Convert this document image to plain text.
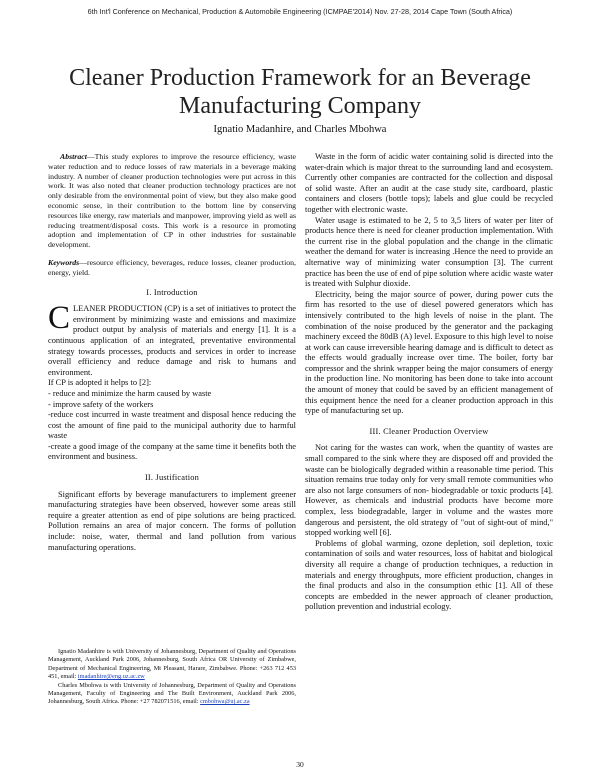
6th Int'l Conference on Mechanical, Production & Automobile Engineering (ICMPAE'2014) Nov. 27-28, 2014 Cape Town (South Africa)
Cleaner Production Framework for an Beverage Manufacturing Company
Ignatio Madanhire, and Charles Mbohwa

Abstract—This study explores to improve the resource efficiency, waste water reduction and to reduce losses of raw materials in a beverage making industry. A number of cleaner production technologies were put across in this work. It was also noted that cleaner production technology practices are not only desirable from the environmental point of view, but they also make good economic sense, in their contribution to the bottom line by conserving resources like energy, raw materials and manpower, improving yield as well as reducing treatment/disposal costs. This work is a resource in promoting adoption and implementation of CP in other industries for sustainable development.

Keywords—resource efficiency, beverages, reduce losses, cleaner production, energy, yield.

I. Introduction

CLEANER PRODUCTION (CP) is a set of initiatives to protect the environment by minimizing waste and emissions and maximize product output by analysis of materials and energy [1]. It is a continuous application of an integrated, preventative environmental strategy towards processes, products and services in order to increase overall efficiency and reduce damage and risk to humans and environment.

If CP is adopted it helps to [2]:
- reduce and minimize the harm caused by waste
- improve safety of the workers
-reduce cost incurred in waste treatment and disposal hence reducing the cost the amount of fine paid to the municipal authority due to harmful waste
-create a good image of the company at the same time it benefits both the environment and business.
II. Justification

Significant efforts by beverage manufacturers to implement greener manufacturing strategies have been observed, however some areas still require a greater attention as end of pipe solutions are being practiced. Pollution remains an area of major concern. The forms of pollution include: noise, water, thermal and land pollution from various manufacturing operations.

Ignatio Madanhire is with University of Johannesburg, Department of Quality and Operations Management, Auckland Park 2006, Johannesburg, South Africa OR University of Zimbabwe, Department of Mechanical Engineering, Mt Pleasant, Harare, Zimbabwe. Phone: +263 712 453 451, email: imadanhire@eng.uz.ac.zw

Charles Mbohwa is with University of Johannesburg, Department of Quality and Operations Management, Faculty of Engineering and The Built Environment, Auckland Park 2006, Johannesburg, South Africa. Phone: +27 782071516, email: cmbohwa@uj.ac.za

Waste in the form of acidic water containing solid is directed into the water-drain which is major threat to the surrounding land and ecosystem. Currently other companies are contracted for the collection and disposal of solid waste. After an audit at the case study site, cardboard, plastic containers and closers (bottle tops); labels and glue could be recycled together with electronic waste.

Water usage is estimated to be 2, 5 to 3,5 liters of water per liter of products hence there is need for cleaner production implementation. With the current rise in the global population and the change in the climatic weather the demand for water is increasing .Hence the need to provide an alternative way of minimizing water consumption [3]. The current practice has been the use of end of pipe solution where acidic waste water is treated with Sulphur dioxide.

Electricity, being the major source of power, during power cuts the firm has resorted to the use of diesel powered generators which has intensively contributed to the high levels of noise in the plant. The combination of the noise produced by the generator and the packaging machinery exceed the 80dB (A) level. Exposure to this high level to noise at work can cause irreversible hearing damage and is difficult to detect as the effects would gradually increase over time. The boiler, forty bar compressor and the shrink wrapper being the major consumers of energy in the production line. No monitoring has been done to take into account the amount of money that could be saved by an efficient management of this equipment hence the need for a cleaner production approach in this type of manufacturing set up.

III. Cleaner Production Overview

Not caring for the wastes can work, when the quantity of wastes are small compared to the sink where they are disposed off and provided the waste can be biologically degraded within a reasonable time period. This situation remains true today only for very small remote communities who are also not large consumers of non- biodegradable or toxic products [4]. However, as chemicals and industrial products have become more complex, less biodegradable, larger in volume and the wastes more dangerous and persistent, the old strategy of "out of sight-out of mind," stopped working well [6].

Problems of global warming, ozone depletion, soil depletion, toxic contamination of soils and water resources, loss of habitat and biological diversity all require a change of production techniques, a reduction in materials and energy throughputs, more efficient production, changes in the final products and also in the consumption ethic [1]. All of these concepts are embedded in the newer approach of cleaner production, pollution prevention and industrial ecology.

30
